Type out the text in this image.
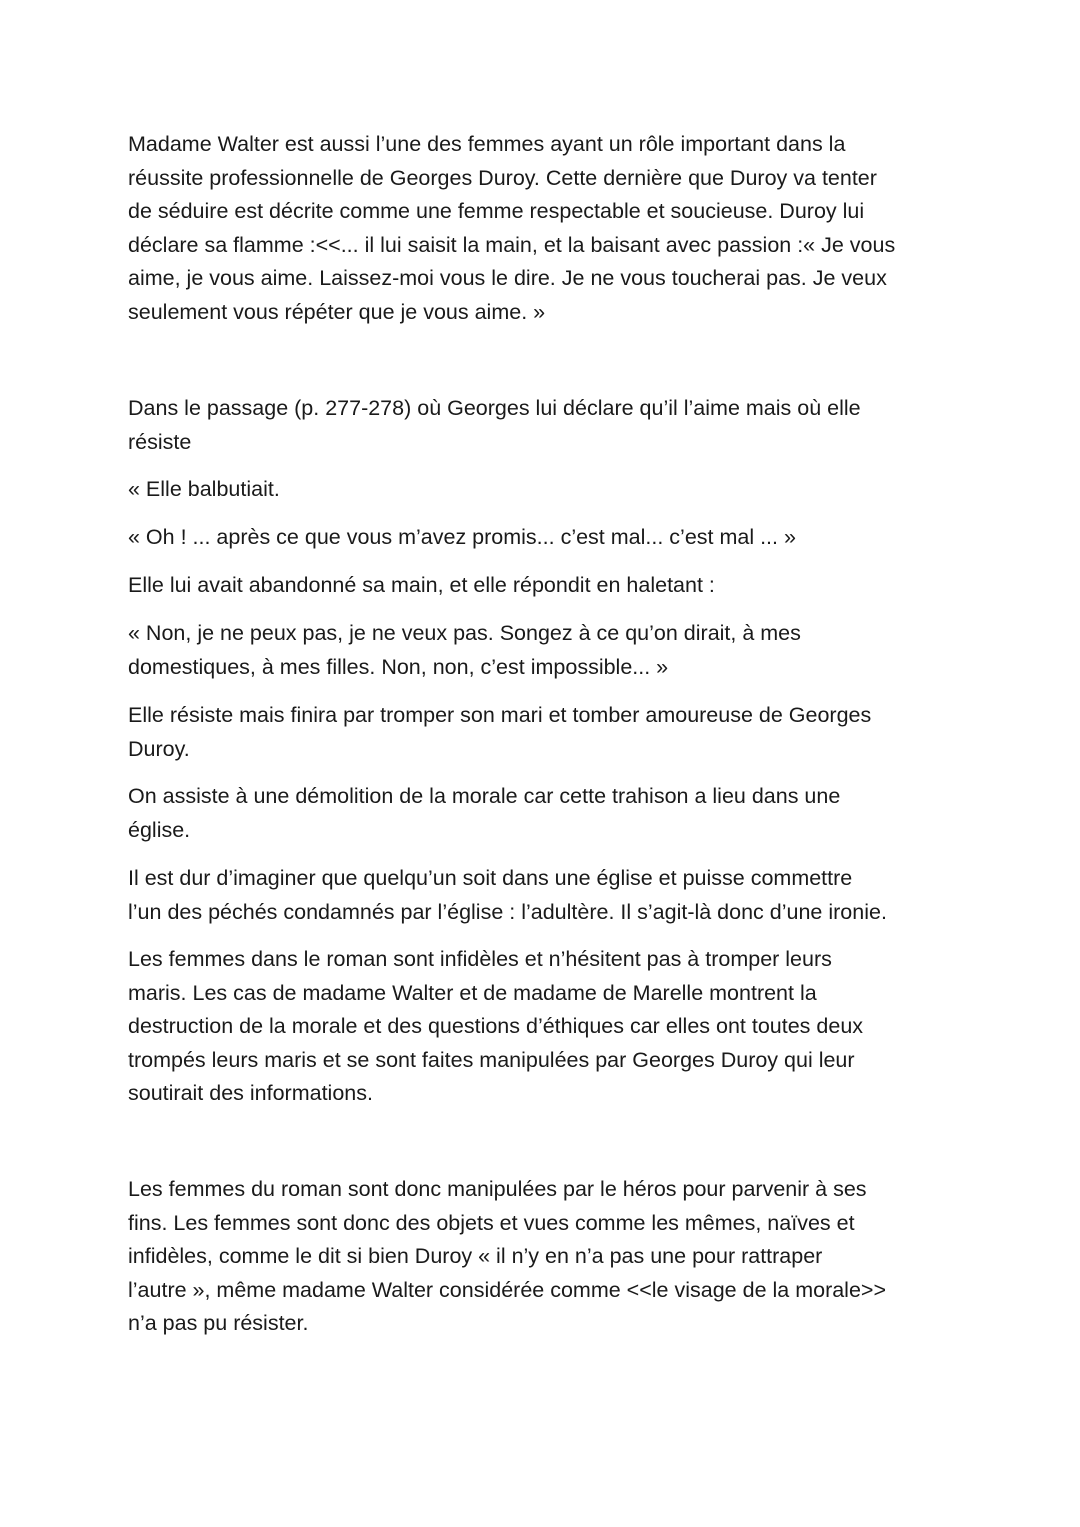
Madame Walter est aussi l’une des femmes ayant un rôle important dans la
réussite professionnelle de Georges Duroy. Cette dernière que Duroy va tenter
de séduire est décrite comme une femme respectable et soucieuse. Duroy lui
déclare sa flamme :<<... il lui saisit la main, et la baisant avec passion :« Je vous
aime, je vous aime. Laissez-moi vous le dire. Je ne vous toucherai pas. Je veux
seulement vous répéter que je vous aime. »

Dans le passage (p. 277-278) où Georges lui déclare qu’il l’aime mais où elle
résiste

« Elle balbutiait.

« Oh ! ... après ce que vous m’avez promis... c’est mal... c’est mal ... »

Elle lui avait abandonné sa main, et elle répondit en haletant :

« Non, je ne peux pas, je ne veux pas. Songez à ce qu’on dirait, à mes
domestiques, à mes filles. Non, non, c’est impossible... »

Elle résiste mais finira par tromper son mari et tomber amoureuse de Georges
Duroy.

On assiste à une démolition de la morale car cette trahison a lieu dans une
église.

Il est dur d’imaginer que quelqu’un soit dans une église et puisse commettre
l’un des péchés condamnés par l’église : l’adultère. Il s’agit-là donc d’une ironie.

Les femmes dans le roman sont infidèles et n’hésitent pas à tromper leurs
maris. Les cas de madame Walter et de madame de Marelle montrent la
destruction de la morale et des questions d’éthiques car elles ont toutes deux
trompés leurs maris et se sont faites manipulées par Georges Duroy qui leur
soutirait des informations.

Les femmes du roman sont donc manipulées par le héros pour parvenir à ses
fins. Les femmes sont donc des objets et vues comme les mêmes, naïves et
infidèles, comme le dit si bien Duroy « il n’y en n’a pas une pour rattraper
l’autre », même madame Walter considérée comme <<le visage de la morale>>
n’a pas pu résister.
